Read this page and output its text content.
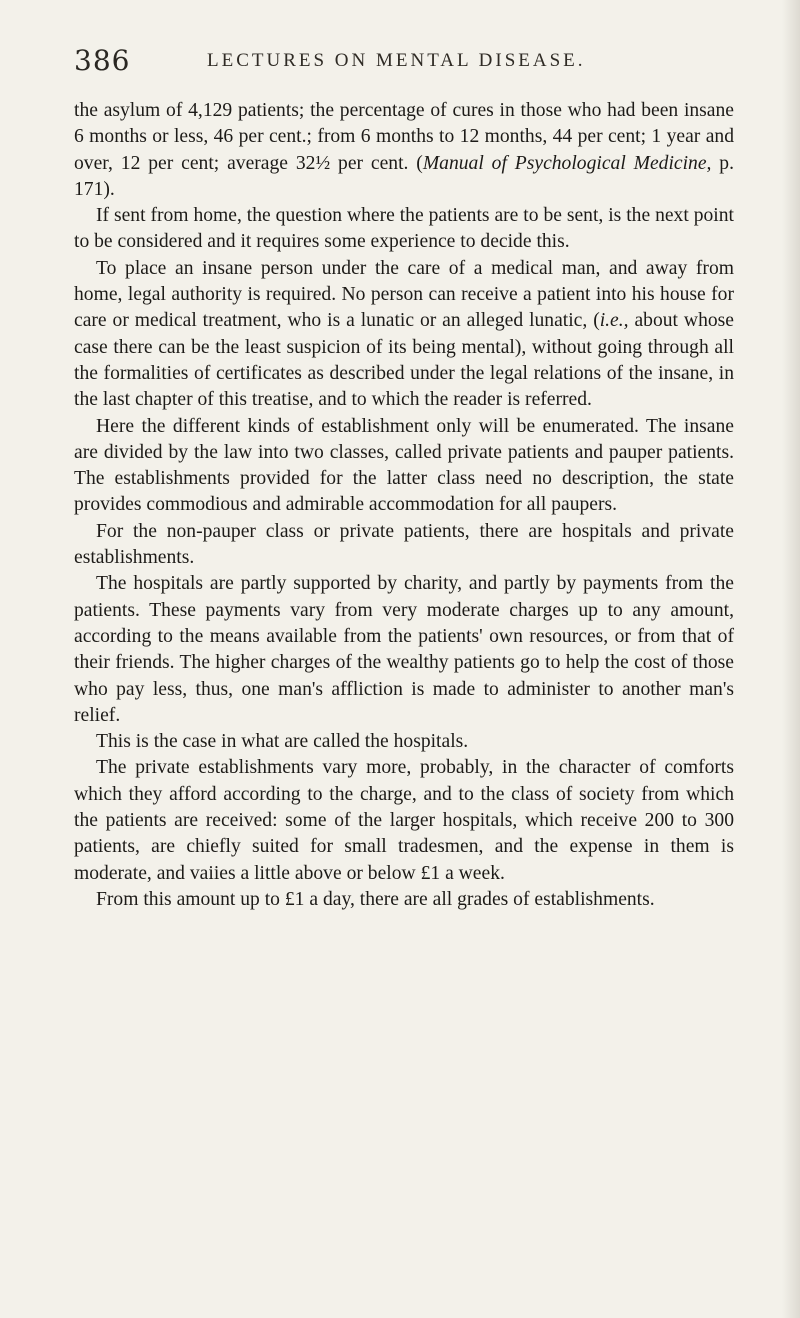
386	LECTURES ON MENTAL DISEASE.

the asylum of 4,129 patients; the percentage of cures in those who had been insane 6 months or less, 46 per cent.; from 6 months to 12 months, 44 per cent; 1 year and over, 12 per cent; average 32½ per cent. (Manual of Psychological Medicine, p. 171).

If sent from home, the question where the patients are to be sent, is the next point to be considered and it requires some experience to decide this.

To place an insane person under the care of a medical man, and away from home, legal authority is required. No person can receive a patient into his house for care or medical treatment, who is a lunatic or an alleged lunatic, (i.e., about whose case there can be the least suspicion of its being mental), without going through all the formalities of certificates as described under the legal relations of the insane, in the last chapter of this treatise, and to which the reader is referred.

Here the different kinds of establishment only will be enumerated. The insane are divided by the law into two classes, called private patients and pauper patients. The establishments provided for the latter class need no description, the state provides commodious and admirable accommodation for all paupers.

For the non-pauper class or private patients, there are hospitals and private establishments.

The hospitals are partly supported by charity, and partly by payments from the patients. These payments vary from very moderate charges up to any amount, according to the means available from the patients' own resources, or from that of their friends. The higher charges of the wealthy patients go to help the cost of those who pay less, thus, one man's affliction is made to administer to another man's relief.

This is the case in what are called the hospitals.

The private establishments vary more, probably, in the character of comforts which they afford according to the charge, and to the class of society from which the patients are received: some of the larger hospitals, which receive 200 to 300 patients, are chiefly suited for small tradesmen, and the expense in them is moderate, and vaiies a little above or below £1 a week.

From this amount up to £1 a day, there are all grades of establishments.
